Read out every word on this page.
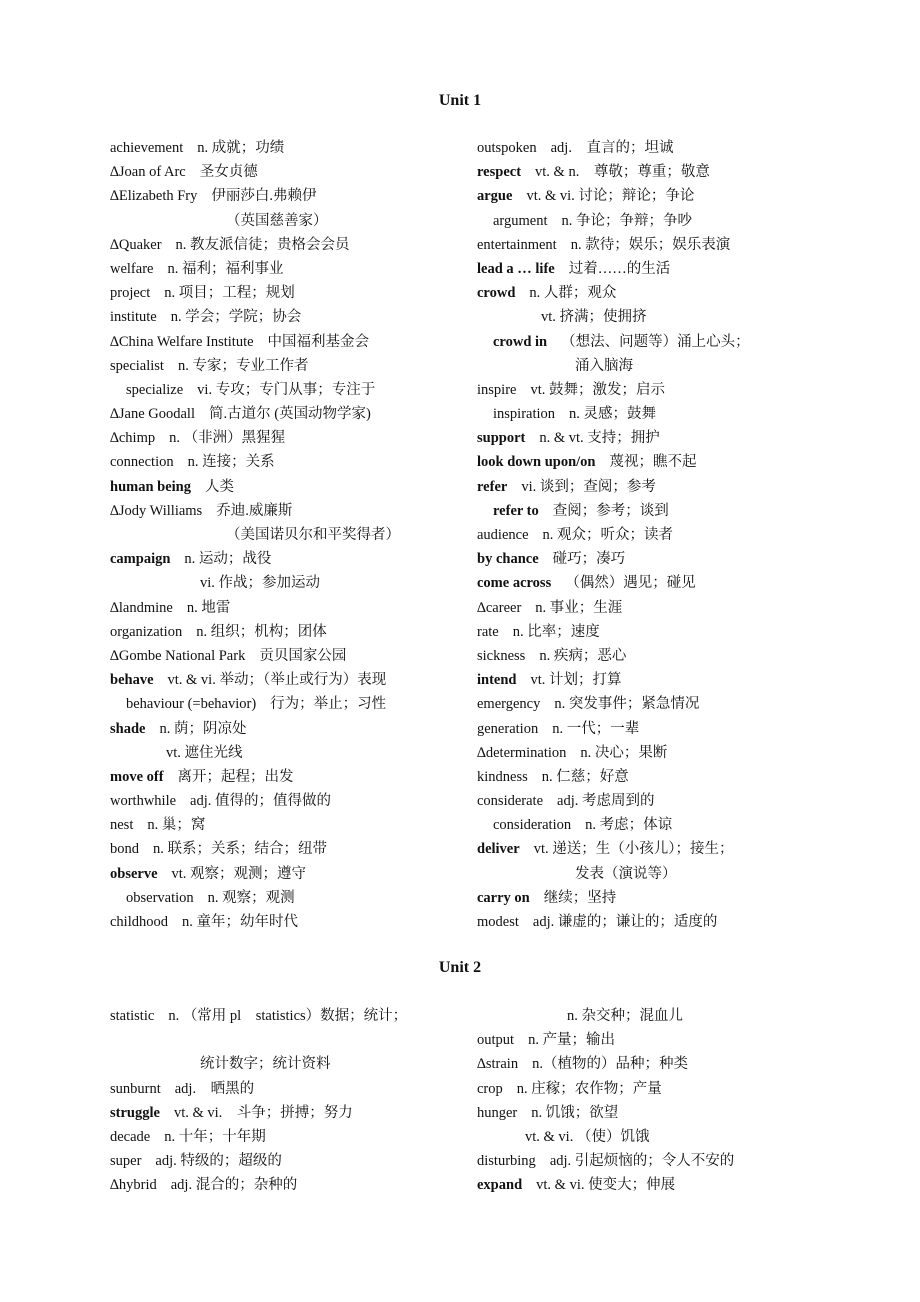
Unit 1
achievement n. 成就；功绩
∆Joan of Arc 圣女贞德
∆Elizabeth Fry 伊丽莎白.弗赖伊
（英国慈善家）
∆Quaker n. 教友派信徒；贵格会会员
welfare n. 福利；福利事业
project n. 项目；工程；规划
institute n. 学会；学院；协会
∆China Welfare Institute 中国福利基金会
specialist n. 专家；专业工作者
specialize vi. 专攻；专门从事；专注于
∆Jane Goodall 简.古道尔 (英国动物学家)
∆chimp n. （非洲）黑猩猩
connection n. 连接；关系
human being 人类
∆Jody Williams 乔迪.威廉斯
（美国诺贝尔和平奖得者）
campaign n. 运动；战役
vi. 作战；参加运动
∆landmine n. 地雷
organization n. 组织；机构；团体
∆Gombe National Park 贡贝国家公园
behave vt. & vi. 举动；（举止或行为）表现
behaviour (=behavior) 行为；举止；习性
shade n. 荫；阴凉处
vt. 遮住光线
move off 离开；起程；出发
worthwhile adj. 值得的；值得做的
nest n. 巢；窝
bond n. 联系；关系；结合；纽带
observe vt. 观察；观测；遵守
observation n. 观察；观测
childhood n. 童年；幼年时代
outspoken adj.　直言的；坦诚
respect vt. & n.　尊敬；尊重；敬意
argue vt. & vi. 讨论；辩论；争论
argument n. 争论；争辩；争吵
entertainment n. 款待；娱乐；娱乐表演
lead a … life 过着……的生活
crowd n. 人群；观众
vt. 挤满；使拥挤
crowd in （想法、问题等）涌上心头；
涌入脑海
inspire vt. 鼓舞；激发；启示
inspiration n. 灵感；鼓舞
support n. & vt. 支持；拥护
look down upon/on 蔑视；瞧不起
refer vi. 谈到；查阅；参考
refer to 查阅；参考；谈到
audience n. 观众；听众；读者
by chance 碰巧；凑巧
come across （偶然）遇见；碰见
∆career n. 事业；生涯
rate n. 比率；速度
sickness n. 疾病；恶心
intend vt. 计划；打算
emergency n. 突发事件；紧急情况
generation n. 一代；一辈
∆determination n. 决心；果断
kindness n. 仁慈；好意
considerate adj. 考虑周到的
consideration n. 考虑；体谅
deliver vt. 递送；生（小孩儿）；接生；
发表（演说等）
carry on 继续；坚持
modest adj. 谦虚的；谦让的；适度的
Unit 2
statistic n. （常用 pl　statistics）数据；统计；
统计数字；统计资料
sunburnt adj.　晒黑的
struggle vt. & vi.　斗争；拼搏；努力
decade n. 十年；十年期
super adj. 特级的；超级的
∆hybrid adj. 混合的；杂种的
n. 杂交种；混血儿
output n. 产量；输出
∆strain n.（植物的）品种；种类
crop n. 庄稼；农作物；产量
hunger n. 饥饿；欲望
vt. & vi. （使）饥饿
disturbing adj. 引起烦恼的；令人不安的
expand vt. & vi. 使变大；伸展
